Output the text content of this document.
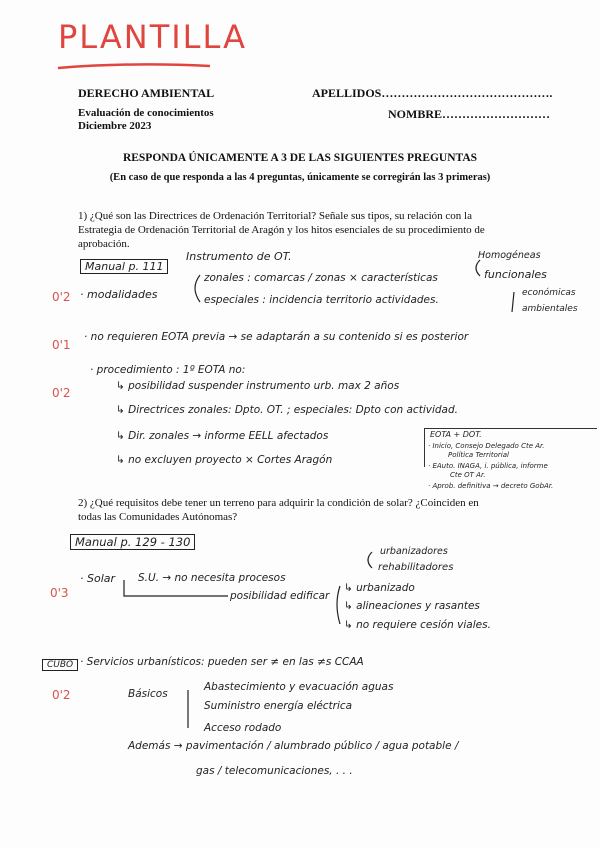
PLANTILLA
DERECHO AMBIENTAL	APELLIDOS…………………………………….
Evaluación de conocimientos	NOMBRE………………………
Diciembre 2023
RESPONDA ÚNICAMENTE A 3 DE LAS SIGUIENTES PREGUNTAS
(En caso de que responda a las 4 preguntas, únicamente se corregirán las 3 primeras)
1) ¿Qué son las Directrices de Ordenación Territorial? Señale sus tipos, su relación con la
Estrategia de Ordenación Territorial de Aragón y los hitos esenciales de su procedimiento de
aprobación.
Manual p. 111
Instrumento de OT.	Homogéneas
funcionales
· modalidades
zonales : comarcas / zonas × características
especiales : incidencia territorio actividades.
económicas
ambientales
0'2
· no requieren EOTA previa → se adaptarán a su contenido si es posterior
0'1
· procedimiento : 1º EOTA no:
0'2	↳ posibilidad suspender instrumento urb. max 2 años
↳ Directrices zonales: Dpto. OT. ; especiales: Dpto con actividad.
↳ Dir. zonales → informe EELL afectados
↳ no excluyen proyecto × Cortes Aragón
EOTA + DOT.
· Inicio, Consejo Delegado Cte Ar.
Política Territorial
· EAuto. INAGA, i. pública, informe
Cte OT Ar.
· Aprob. definitiva → decreto GobAr.
2) ¿Qué requisitos debe tener un terreno para adquirir la condición de solar? ¿Coinciden en
todas las Comunidades Autónomas?
Manual p. 129 - 130
urbanizadores
rehabilitadores
· Solar S.U. → no necesita procesos
0'3	posibilidad edificar
↳ urbanizado
↳ alineaciones y rasantes
↳ no requiere cesión viales.
CUBO · Servicios urbanísticos: pueden ser ≠ en las ≠s CCAA
0'2	Básicos
Abastecimiento y evacuación aguas
Suministro energía eléctrica
Acceso rodado
Además → pavimentación / alumbrado público / agua potable /
gas / telecomunicaciones, . . .
